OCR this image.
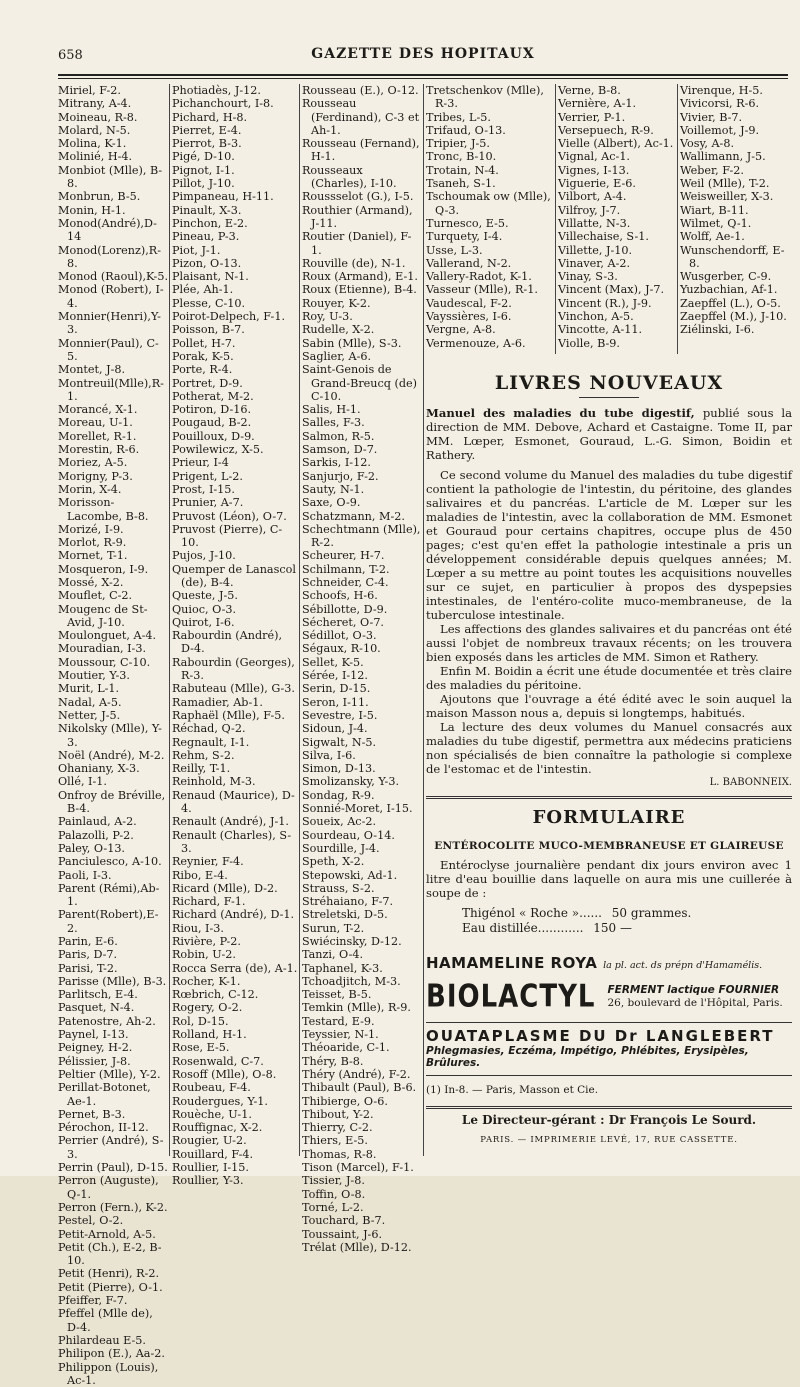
658	GAZETTE DES HOPITAUX
Miriel, F-2.
Mitrany, A-4.
Moineau, R-8.
Molard, N-5.
Molina, K-1.
Molinié, H-4.
Monbiot (Mlle), B-8.
Monbrun, B-5.
Monin, H-1.
Monod(André),D-14
Monod(Lorenz),R-8.
Monod (Raoul),K-5.
Monod (Robert), I-4.
Monnier(Henri),Y-3.
Monnier(Paul), C-5.
Montet, J-8.
Montreuil(Mlle),R-1.
Morancé, X-1.
Moreau, U-1.
Morellet, R-1.
Morestin, R-6.
Moriez, A-5.
Morigny, P-3.
Morin, X-4.
Morisson-Lacombe, B-8.
Morizé, I-9.
Morlot, R-9.
Mornet, T-1.
Mosqueron, I-9.
Mossé, X-2.
Mouflet, C-2.
Mougenc de St-Avid, J-10.
Moulonguet, A-4.
Mouradian, I-3.
Moussour, C-10.
Moutier, Y-3.
Murit, L-1.
Nadal, A-5.
Netter, J-5.
Nikolsky (Mlle), Y-3.
Noël (André), M-2.
Ohaniany, X-3.
Ollé, I-1.
Onfroy de Bréville, B-4.
Painlaud, A-2.
Palazolli, P-2.
Paley, O-13.
Panciulesco, A-10.
Paoli, I-3.
Parent (Rémi),Ab-1.
Parent(Robert),E-2.
Parin, E-6.
Paris, D-7.
Parisi, T-2.
Parisse (Mlle), B-3.
Parlitsch, E-4.
Pasquet, N-4.
Patenostre, Ah-2.
Paynel, I-13.
Peigney, H-2.
Pélissier, J-8.
Peltier (Mlle), Y-2.
Perillat-Botonet, Ae-1.
Pernet, B-3.
Pérochon, II-12.
Perrier (André), S-3.
Perrin (Paul), D-15.
Perron (Auguste), Q-1.
Perron (Fern.), K-2.
Pestel, O-2.
Petit-Arnold, A-5.
Petit (Ch.), E-2, B-10.
Petit (Henri), R-2.
Petit (Pierre), O-1.
Pfeiffer, F-7.
Pfeffel (Mlle de), D-4.
Philardeau E-5.
Philipon (E.), Aa-2.
Philippon (Louis), Ac-1.
Photiadès, J-12.
Pichanchourt, I-8.
Pichard, H-8.
Pierret, E-4.
Pierrot, B-3.
Pigé, D-10.
Pignot, I-1.
Pillot, J-10.
Pimpaneau, H-11.
Pinault, X-3.
Pinchon, E-2.
Pineau, P-3.
Piot, J-1.
Pizon, O-13.
Plaisant, N-1.
Plée, Ah-1.
Plesse, C-10.
Poirot-Delpech, F-1.
Poisson, B-7.
Pollet, H-7.
Porak, K-5.
Porte, R-4.
Portret, D-9.
Potherat, M-2.
Potiron, D-16.
Pougaud, B-2.
Pouilloux, D-9.
Powilewicz, X-5.
Prieur, I-4
Prigent, L-2.
Prost, I-15.
Prunier, A-7.
Pruvost (Léon), O-7.
Pruvost (Pierre), C-10.
Pujos, J-10.
Quemper de Lanascol (de), B-4.
Queste, J-5.
Quioc, O-3.
Quirot, I-6.
Rabourdin (André), D-4.
Rabourdin (Georges), R-3.
Rabuteau (Mlle), G-3.
Ramadier, Ab-1.
Raphaël (Mlle), F-5.
Réchad, Q-2.
Regnault, I-1.
Rehm, S-2.
Reilly, T-1.
Reinhold, M-3.
Renaud (Maurice), D-4.
Renault (André), J-1.
Renault (Charles), S-3.
Reynier, F-4.
Ribo, E-4.
Ricard (Mlle), D-2.
Richard, F-1.
Richard (André), D-1.
Riou, I-3.
Rivière, P-2.
Robin, U-2.
Rocca Serra (de), A-1.
Rocher, K-1.
Rœbrich, C-12.
Rogery, O-2.
Rol, D-15.
Rolland, H-1.
Rose, E-5.
Rosenwald, C-7.
Rosoff (Mlle), O-8.
Roubeau, F-4.
Roudergues, Y-1.
Rouèche, U-1.
Rouffignac, X-2.
Rougier, U-2.
Rouillard, F-4.
Roullier, I-15.
Roullier, Y-3.
Rousseau (E.), O-12.
Rousseau (Ferdinand), C-3 et Ah-1.
Rousseau (Fernand), H-1.
Rousseaux (Charles), I-10.
Roussselot (G.), I-5.
Routhier (Armand), J-11.
Routier (Daniel), F-1.
Rouville (de), N-1.
Roux (Armand), E-1.
Roux (Etienne), B-4.
Rouyer, K-2.
Roy, U-3.
Rudelle, X-2.
Sabin (Mlle), S-3.
Saglier, A-6.
Saint-Genois de Grand-Breucq (de) C-10.
Salis, H-1.
Salles, F-3.
Salmon, R-5.
Samson, D-7.
Sarkis, I-12.
Sanjurjo, F-2.
Sauty, N-1.
Saxe, O-9.
Schatzmann, M-2.
Schechtmann (Mlle), R-2.
Scheurer, H-7.
Schilmann, T-2.
Schneider, C-4.
Schoofs, H-6.
Sébillotte, D-9.
Sécheret, O-7.
Sédillot, O-3.
Ségaux, R-10.
Sellet, K-5.
Sérée, I-12.
Serin, D-15.
Seron, I-11.
Sevestre, I-5.
Sidoun, J-4.
Sigwalt, N-5.
Silva, I-6.
Simon, D-13.
Smolizansky, Y-3.
Sondag, R-9.
Sonnié-Moret, I-15.
Soueix, Ac-2.
Sourdeau, O-14.
Sourdille, J-4.
Speth, X-2.
Stepowski, Ad-1.
Strauss, S-2.
Stréhaiano, F-7.
Streletski, D-5.
Surun, T-2.
Swiécinsky, D-12.
Tanzi, O-4.
Taphanel, K-3.
Tchoadjitch, M-3.
Teisset, B-5.
Temkin (Mlle), R-9.
Testard, E-9.
Teyssier, N-1.
Théoaride, C-1.
Théry, B-8.
Théry (André), F-2.
Thibault (Paul), B-6.
Thibierge, O-6.
Thibout, Y-2.
Thierry, C-2.
Thiers, E-5.
Thomas, R-8.
Tison (Marcel), F-1.
Tissier, J-8.
Toffin, O-8.
Torné, L-2.
Touchard, B-7.
Toussaint, J-6.
Trélat (Mlle), D-12.
Tretschenkov (Mlle), R-3.
Tribes, L-5.
Trifaud, O-13.
Tripier, J-5.
Tronc, B-10.
Trotain, N-4.
Tsaneh, S-1.
Tschoumak ow (Mlle), Q-3.
Turnesco, E-5.
Turquety, I-4.
Usse, L-3.
Vallerand, N-2.
Vallery-Radot, K-1.
Vasseur (Mlle), R-1.
Vaudescal, F-2.
Vayssières, I-6.
Vergne, A-8.
Vermenouze, A-6.
Verne, B-8.
Vernière, A-1.
Verrier, P-1.
Versepuech, R-9.
Vielle (Albert), Ac-1.
Vignal, Ac-1.
Vignes, I-13.
Viguerie, E-6.
Vilbort, A-4.
Vilfroy, J-7.
Villatte, N-3.
Villechaise, S-1.
Villette, J-10.
Vinaver, A-2.
Vinay, S-3.
Vincent (Max), J-7.
Vincent (R.), J-9.
Vinchon, A-5.
Vincotte, A-11.
Violle, B-9.
Virenque, H-5.
Vivicorsi, R-6.
Vivier, B-7.
Voillemot, J-9.
Vosy, A-8.
Wallimann, J-5.
Weber, F-2.
Weil (Mlle), T-2.
Weisweiller, X-3.
Wiart, B-11.
Wilmet, Q-1.
Wolff, Ae-1.
Wunschendorff, E-8.
Wusgerber, C-9.
Yuzbachian, Af-1.
Zaepffel (L.), O-5.
Zaepffel (M.), J-10.
Ziélinski, I-6.
LIVRES NOUVEAUX

Manuel des maladies du tube digestif, publié sous la direction de MM. Debove, Achard et Castaigne. Tome II, par MM. Lœper, Esmonet, Gouraud, L.-G. Simon, Boidin et Rathery.

Ce second volume du Manuel des maladies du tube digestif contient la pathologie de l'intestin, du péritoine, des glandes salivaires et du pancréas. L'article de M. Lœper sur les maladies de l'intestin, avec la collaboration de MM. Esmonet et Gouraud pour certains chapitres, occupe plus de 450 pages; c'est qu'en effet la pathologie intestinale a pris un développement considérable depuis quelques années; M. Lœper a su mettre au point toutes les acquisitions nouvelles sur ce sujet, en particulier à propos des dyspepsies intestinales, de l'entéro-colite muco-membraneuse, de la tuberculose intestinale.

Les affections des glandes salivaires et du pancréas ont été aussi l'objet de nombreux travaux récents; on les trouvera bien exposés dans les articles de MM. Simon et Rathery.

Enfin M. Boidin a écrit une étude documentée et très claire des maladies du péritoine.

Ajoutons que l'ouvrage a été édité avec le soin auquel la maison Masson nous a, depuis si longtemps, habitués.

La lecture des deux volumes du Manuel consacrés aux maladies du tube digestif, permettra aux médecins praticiens non spécialisés de bien connaître la pathologie si complexe de l'estomac et de l'intestin.

L. BABONNEIX.
FORMULAIRE
ENTÉROCOLITE MUCO-MEMBRANEUSE ET GLAIREUSE

Entéroclyse journalière pendant dix jours environ avec 1 litre d'eau bouillie dans laquelle on aura mis une cuillerée à soupe de :

Thigénol « Roche »...... 50 grammes.
Eau distillée............ 150 —
HAMAMELINE ROYA la pl. act. ds prépn d'Hamamélis.
BIOLACTYL FERMENT lactique FOURNIER
26, boulevard de l'Hôpital, Paris.
OUATAPLASME DU Dr LANGLEBERT
Phlegmasies, Eczéma, Impétigo, Phlébites, Erysipèles, Brûlures.
(1) In-8. — Paris, Masson et Cie.
Le Directeur-gérant : Dr François Le Sourd.
PARIS. — IMPRIMERIE LEVÉ, 17, RUE CASSETTE.
